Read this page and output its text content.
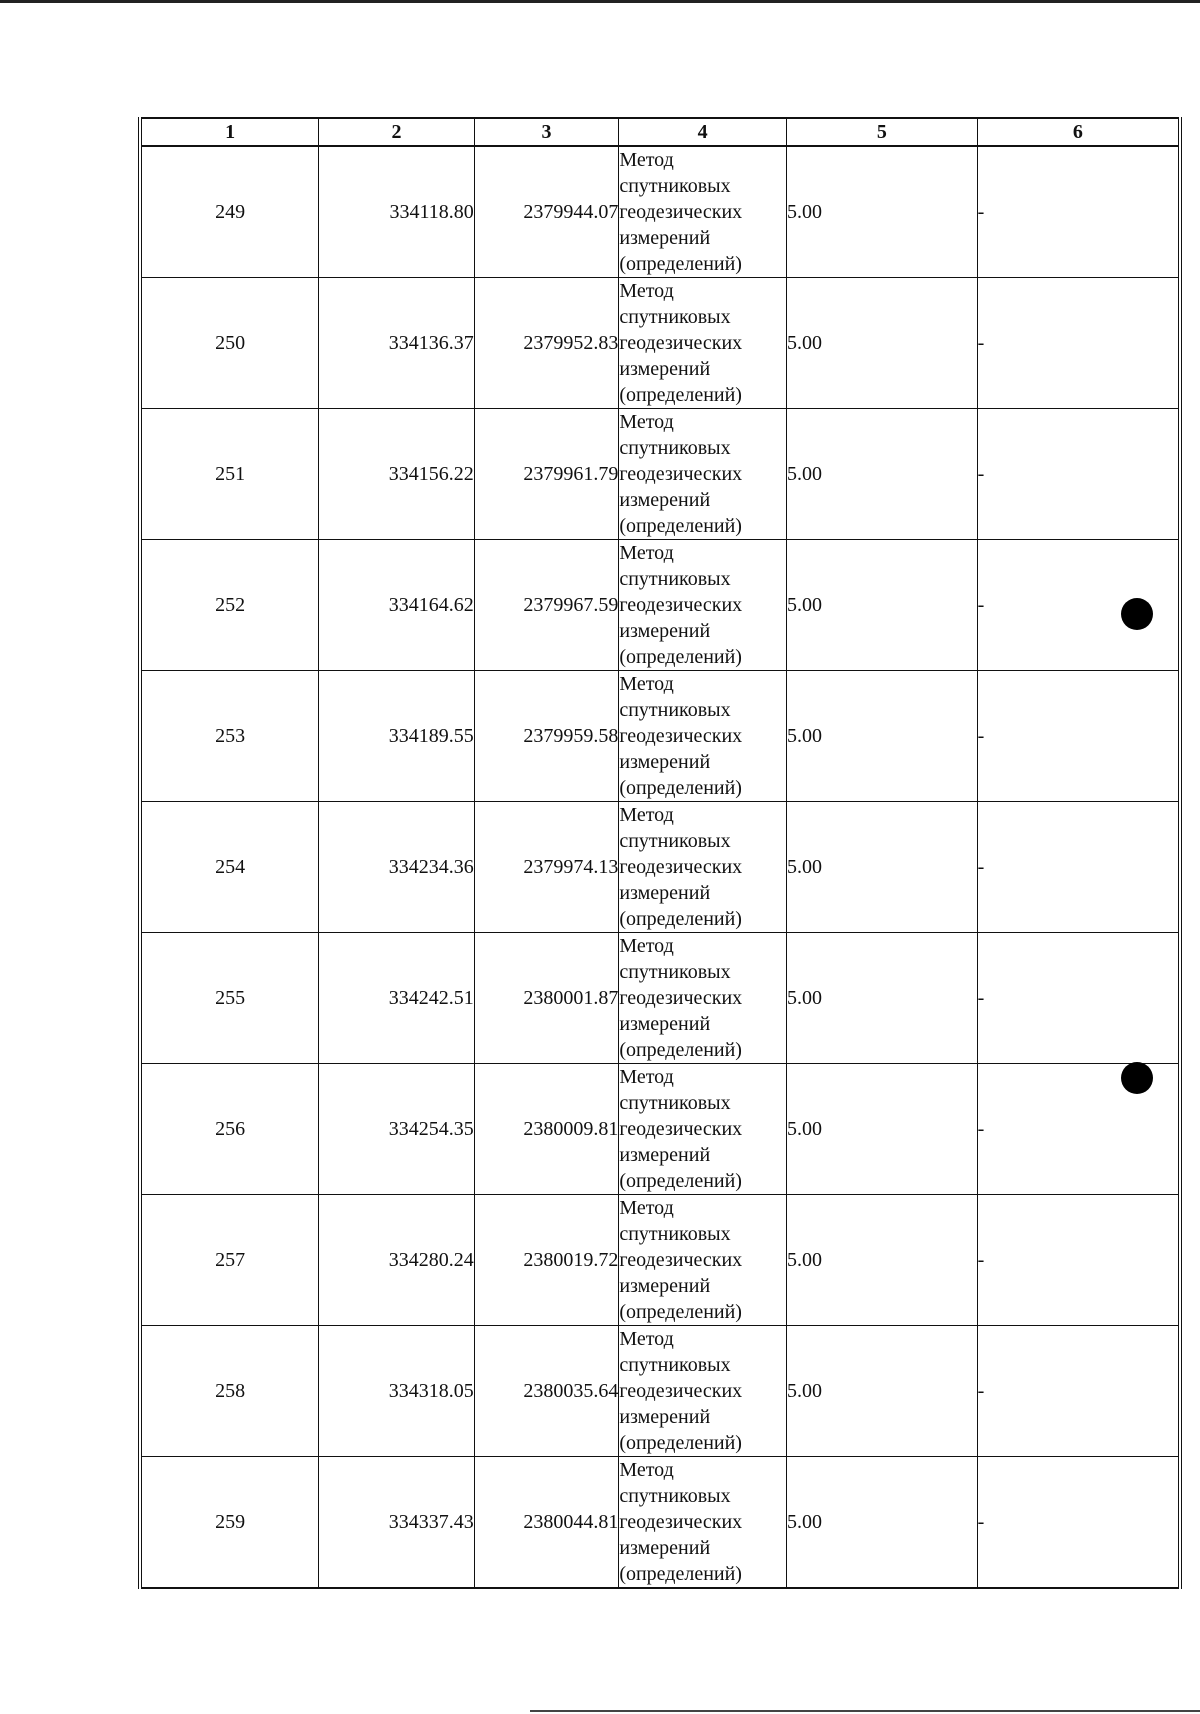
1	2	3	4	5	6
249	334118.80	2379944.07	Метод
спутниковых
геодезических
измерений
(определений)	5.00	-
250	334136.37	2379952.83	Метод
спутниковых
геодезических
измерений
(определений)	5.00	-
251	334156.22	2379961.79	Метод
спутниковых
геодезических
измерений
(определений)	5.00	-
252	334164.62	2379967.59	Метод
спутниковых
геодезических
измерений
(определений)	5.00	-
253	334189.55	2379959.58	Метод
спутниковых
геодезических
измерений
(определений)	5.00	-
254	334234.36	2379974.13	Метод
спутниковых
геодезических
измерений
(определений)	5.00	-
255	334242.51	2380001.87	Метод
спутниковых
геодезических
измерений
(определений)	5.00	-
256	334254.35	2380009.81	Метод
спутниковых
геодезических
измерений
(определений)	5.00	-
257	334280.24	2380019.72	Метод
спутниковых
геодезических
измерений
(определений)	5.00	-
258	334318.05	2380035.64	Метод
спутниковых
геодезических
измерений
(определений)	5.00	-
259	334337.43	2380044.81	Метод
спутниковых
геодезических
измерений
(определений)	5.00	-
